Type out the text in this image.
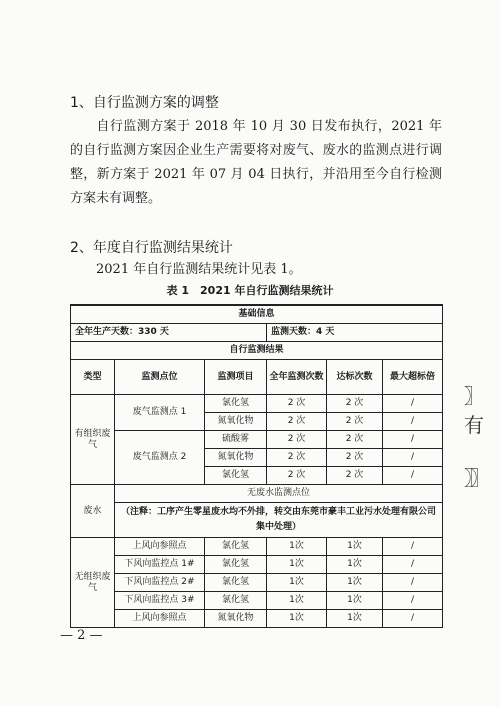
1、自行监测方案的调整
自行监测方案于 2018 年 10 月 30 日发布执行，2021 年的自行监测方案因企业生产需要将对废气、废水的监测点进行调整，新方案于 2021 年 07 月 04 日执行，并沿用至今自行检测方案未有调整。
2、年度自行监测结果统计
2021 年自行监测结果统计见表 1。
表 1　2021 年自行监测结果统计
基础信息					
全年生产天数：330 天			监测天数：4 天		
自行监测结果					
类型	监测点位	监测项目	全年监测次数	达标次数	最大超标倍
有组织废气	废气监测点 1	氯化氢	2 次	2 次	/
		氮氧化物	2 次	2 次	/
	废气监测点 2	硫酸雾	2 次	2 次	/
		氮氧化物	2 次	2 次	/
		氯化氢	2 次	2 次	/
废水	无废水监测点位				
	（注释：工序产生零星废水均不外排，转交由东莞市豪丰工业污水处理有限公司集中处理）				
无组织废气	上风向参照点	氯化氢	1次	1次	/
	下风向监控点 1#	氯化氢	1次	1次	/
	下风向监控点 2#	氯化氢	1次	1次	/
	下风向监控点 3#	氯化氢	1次	1次	/
	上风向参照点	氮氧化物	1次	1次	/
— 2 —
〗有
〗〗
